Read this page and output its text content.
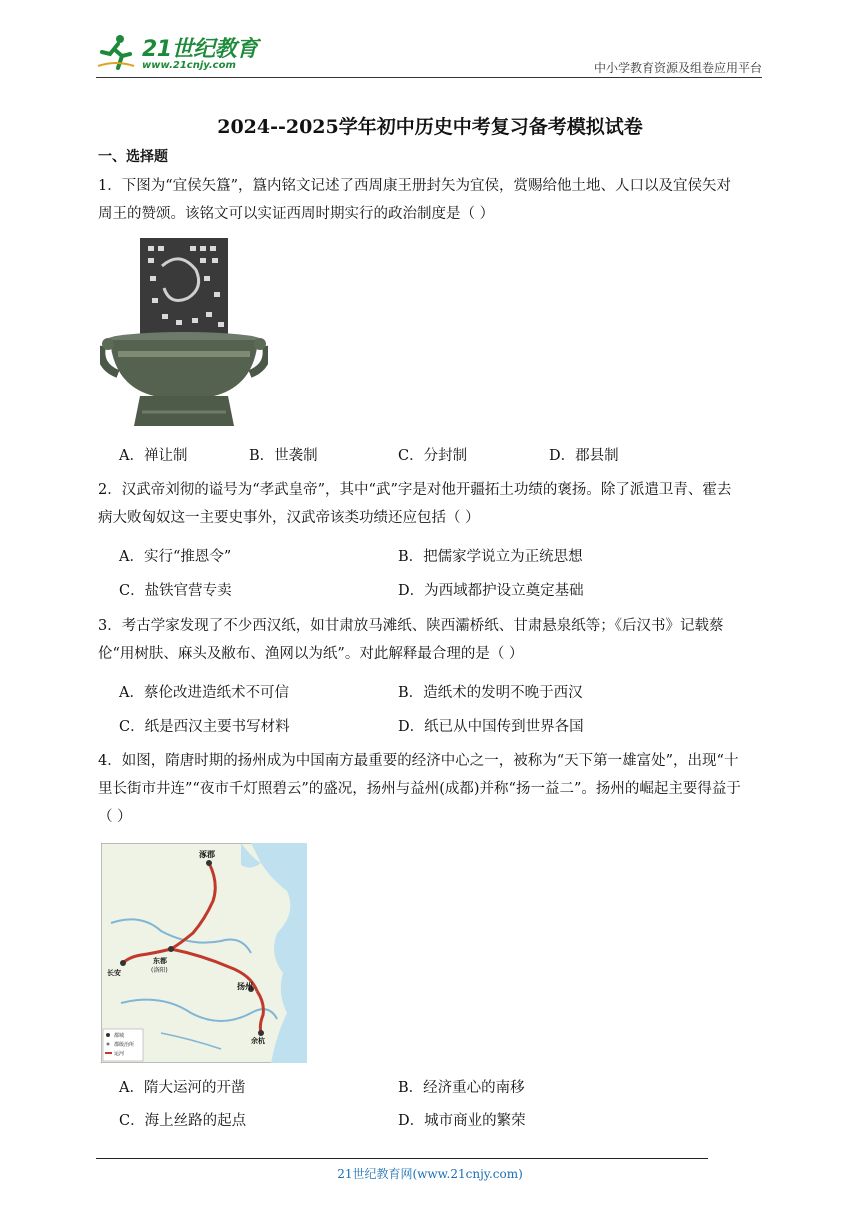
21世纪教育
www.21cnjy.com	中小学教育资源及组卷应用平台
2024--2025学年初中历史中考复习备考模拟试卷
一、选择题
1．下图为“宜侯矢簋”，簋内铭文记述了西周康王册封矢为宜侯，赏赐给他土地、人口以及宜侯矢对
周王的赞颂。该铭文可以实证西周时期实行的政治制度是（ ）
A．禅让制	B．世袭制	C．分封制	D．郡县制
2．汉武帝刘彻的谥号为“孝武皇帝”，其中“武”字是对他开疆拓土功绩的褒扬。除了派遣卫青、霍去
病大败匈奴这一主要史事外，汉武帝该类功绩还应包括（ ）
A．实行“推恩令”	B．把儒家学说立为正统思想
C．盐铁官营专卖	D．为西域都护设立奠定基础
3．考古学家发现了不少西汉纸，如甘肃放马滩纸、陕西灞桥纸、甘肃悬泉纸等；《后汉书》记载蔡
伦“用树肤、麻头及敝布、渔网以为纸”。对此解释最合理的是（ ）
A．蔡伦改进造纸术不可信	B．造纸术的发明不晚于西汉
C．纸是西汉主要书写材料	D．纸已从中国传到世界各国
4．如图，隋唐时期的扬州成为中国南方最重要的经济中心之一，被称为“天下第一雄富处”，出现“十
里长街市井连”“夜市千灯照碧云”的盛况，扬州与益州(成都)并称“扬一益二”。扬州的崛起主要得益于
（ ）
涿郡
长安
东都
(洛阳)
扬州
余杭
都城
郡级治所
运河
A．隋大运河的开凿	B．经济重心的南移
C．海上丝路的起点	D．城市商业的繁荣
21世纪教育网(www.21cnjy.com)
